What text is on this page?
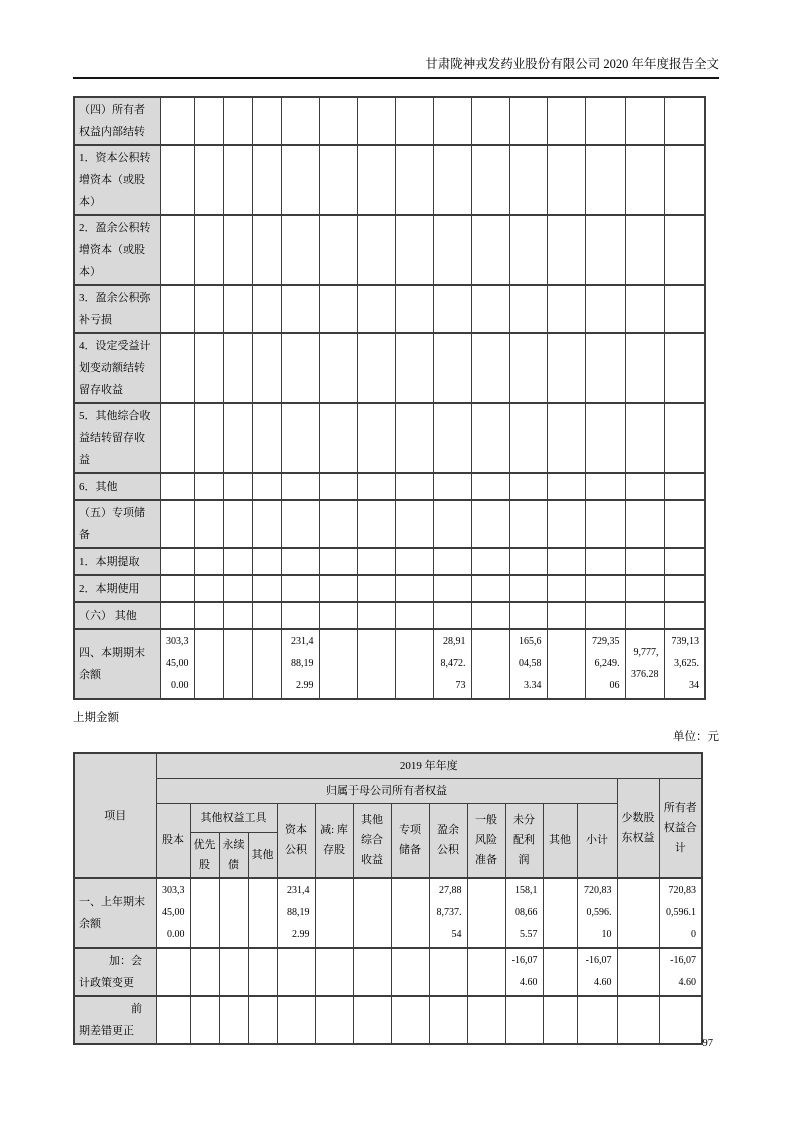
甘肃陇神戎发药业股份有限公司 2020 年年度报告全文
（四）所有者权益内部结转															
1．资本公积转增资本（或股本）															
2．盈余公积转增资本（或股本）															
3．盈余公积弥补亏损															
4．设定受益计划变动额结转留存收益															
5．其他综合收益结转留存收益															
6．其他															
（五）专项储备															
1．本期提取															
2．本期使用															
（六） 其他															
四、本期期末余额	303,345,000.00				231,488,192.99				28,918,472.73		165,604,583.34		729,356,249.06	9,777,376.28	739,133,625.34
上期金额
单位：元
项目	2019 年年度														
	归属于母公司所有者权益													少数股东权益	所有者权益合计
	股本	其他权益工具			资本公积	减: 库存股	其他综合收益	专项储备	盈余公积	一般风险准备	未分配利润	其他	小计		
		优先股	永续债	其他											
一、上年期末余额	303,345,000.00				231,488,192.99				27,888,737.54		158,108,665.57		720,830,596.10		720,830,596.10
加：会计政策变更											-16,074.60		-16,074.60		-16,074.60
前期差错更正															
97
